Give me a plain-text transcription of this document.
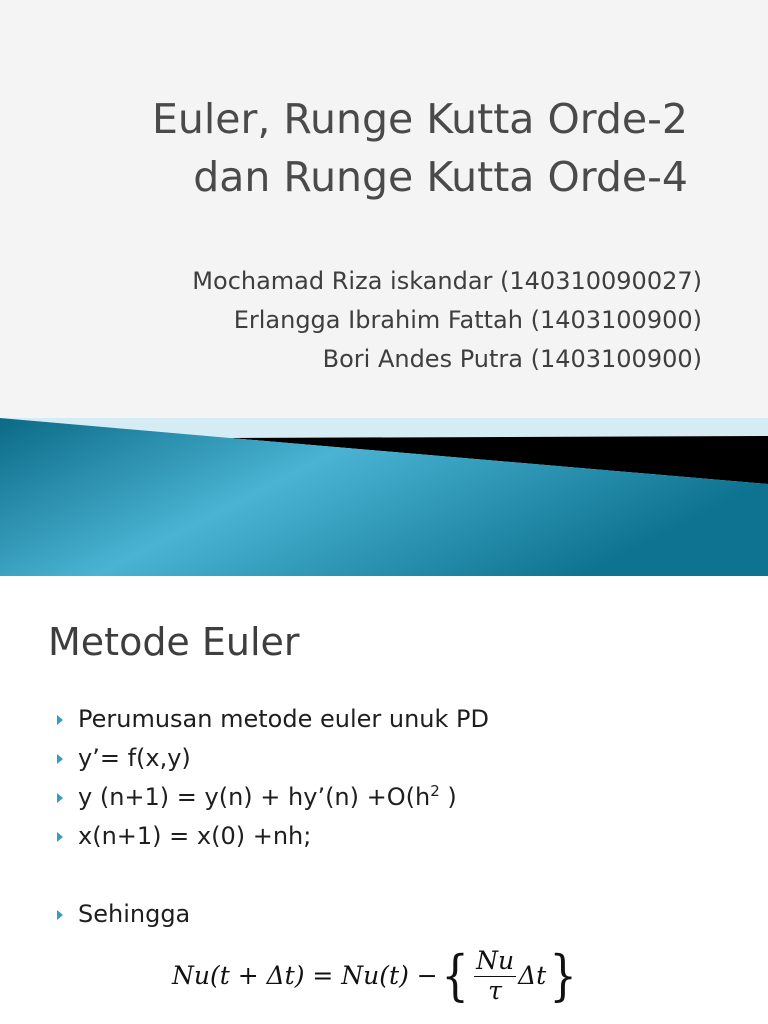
Euler, Runge Kutta Orde-2
dan Runge Kutta Orde-4
Mochamad Riza iskandar (140310090027)
Erlangga Ibrahim Fattah (1403100900)
Bori Andes Putra (1403100900)
Metode Euler
Perumusan metode euler unuk PD
y’= f(x,y)
y (n+1) = y(n) + hy’(n) $+O(h^2$ )
x(n+1) = x(0) +nh;
Sehingga
Nu(t + Δt) = Nu(t) − { $\frac{Nu}{\tau}$ Δt }
